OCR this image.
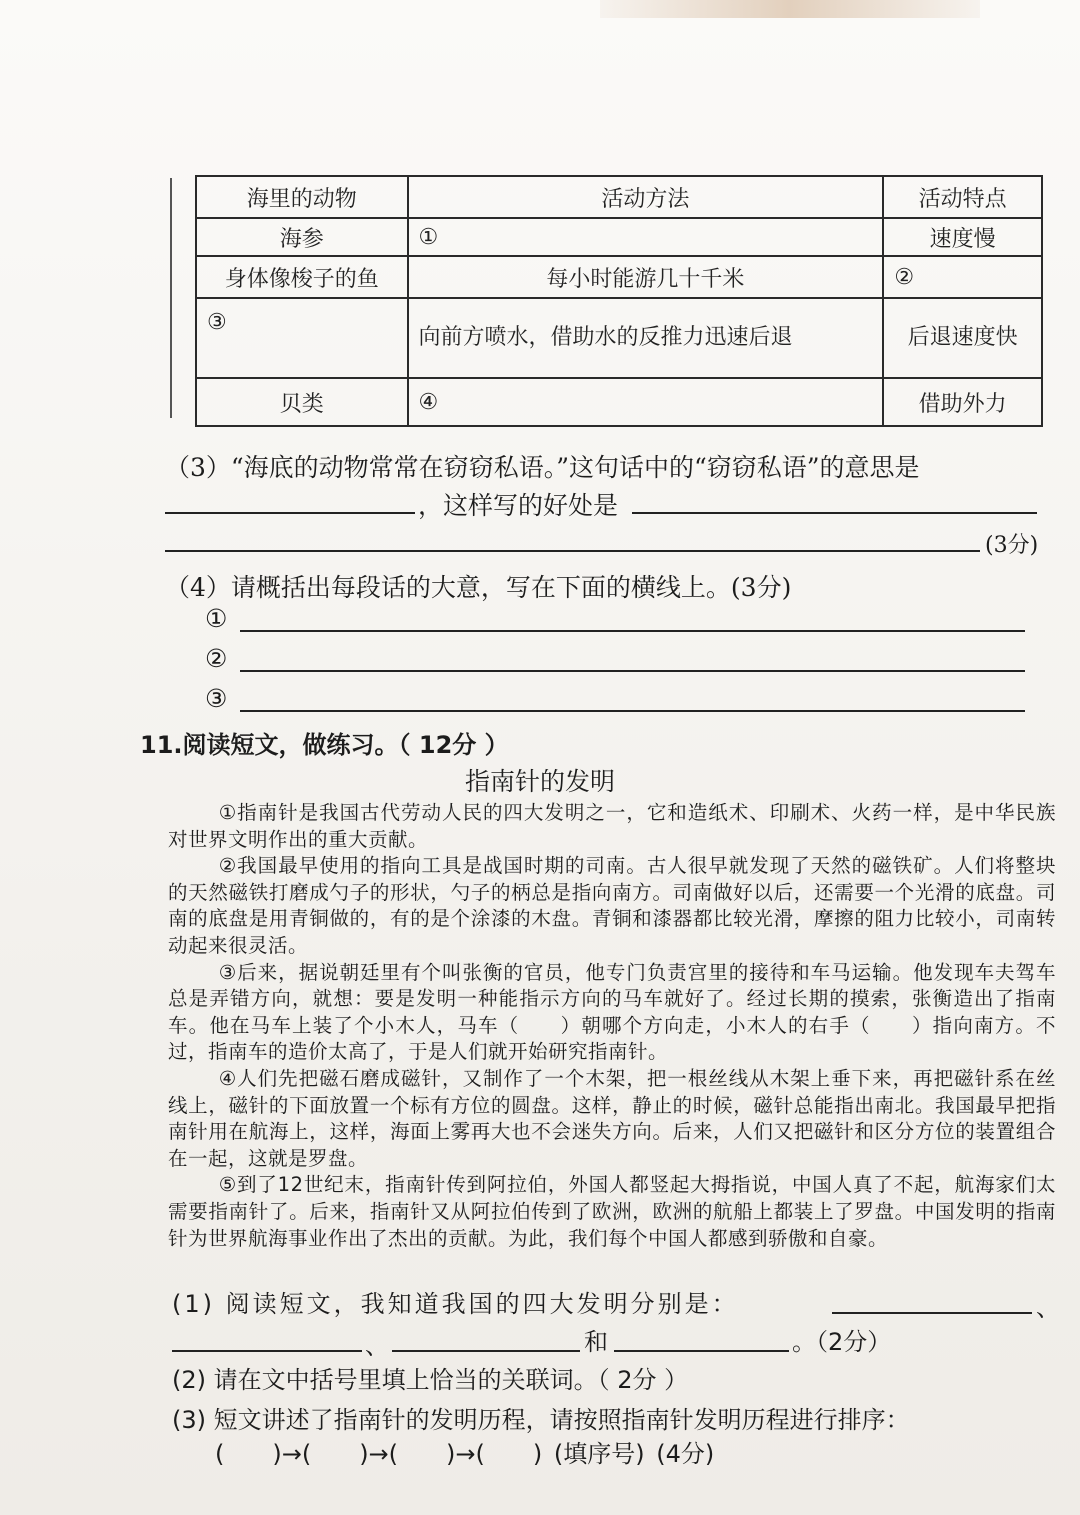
海里的动物	活动方法	活动特点
海参	①	速度慢
身体像梭子的鱼	每小时能游几十千米	②
③	向前方喷水，借助水的反推力迅速后退	后退速度快
贝类	④	借助外力
（3）“海底的动物常常在窃窃私语。”这句话中的“窃窃私语”的意思是
，这样写的好处是
(3分)
（4）请概括出每段话的大意，写在下面的横线上。(3分)
①
②
③
11.阅读短文，做练习。（ 12分 ）
指南针的发明

①指南针是我国古代劳动人民的四大发明之一，它和造纸术、印刷术、火药一样，是中华民族对世界文明作出的重大贡献。

②我国最早使用的指向工具是战国时期的司南。古人很早就发现了天然的磁铁矿。人们将整块的天然磁铁打磨成勺子的形状，勺子的柄总是指向南方。司南做好以后，还需要一个光滑的底盘。司南的底盘是用青铜做的，有的是个涂漆的木盘。青铜和漆器都比较光滑，摩擦的阻力比较小，司南转动起来很灵活。

③后来，据说朝廷里有个叫张衡的官员，他专门负责宫里的接待和车马运输。他发现车夫驾车总是弄错方向，就想：要是发明一种能指示方向的马车就好了。经过长期的摸索，张衡造出了指南车。他在马车上装了个小木人，马车（　　）朝哪个方向走，小木人的右手（　　）指向南方。不过，指南车的造价太高了，于是人们就开始研究指南针。

④人们先把磁石磨成磁针，又制作了一个木架，把一根丝线从木架上垂下来，再把磁针系在丝线上，磁针的下面放置一个标有方位的圆盘。这样，静止的时候，磁针总能指出南北。我国最早把指南针用在航海上，这样，海面上雾再大也不会迷失方向。后来，人们又把磁针和区分方位的装置组合在一起，这就是罗盘。

⑤到了12世纪末，指南针传到阿拉伯，外国人都竖起大拇指说，中国人真了不起，航海家们太需要指南针了。后来，指南针又从阿拉伯传到了欧洲，欧洲的航船上都装上了罗盘。中国发明的指南针为世界航海事业作出了杰出的贡献。为此，我们每个中国人都感到骄傲和自豪。

(1) 阅读短文，我知道我国的四大发明分别是：	、
、	和	。（2分）
(2) 请在文中括号里填上恰当的关联词。（ 2分 ）
(3) 短文讲述了指南针的发明历程，请按照指南针发明历程进行排序：
(　　)→(　　)→(　　)→(　　) (填序号) (4分)
